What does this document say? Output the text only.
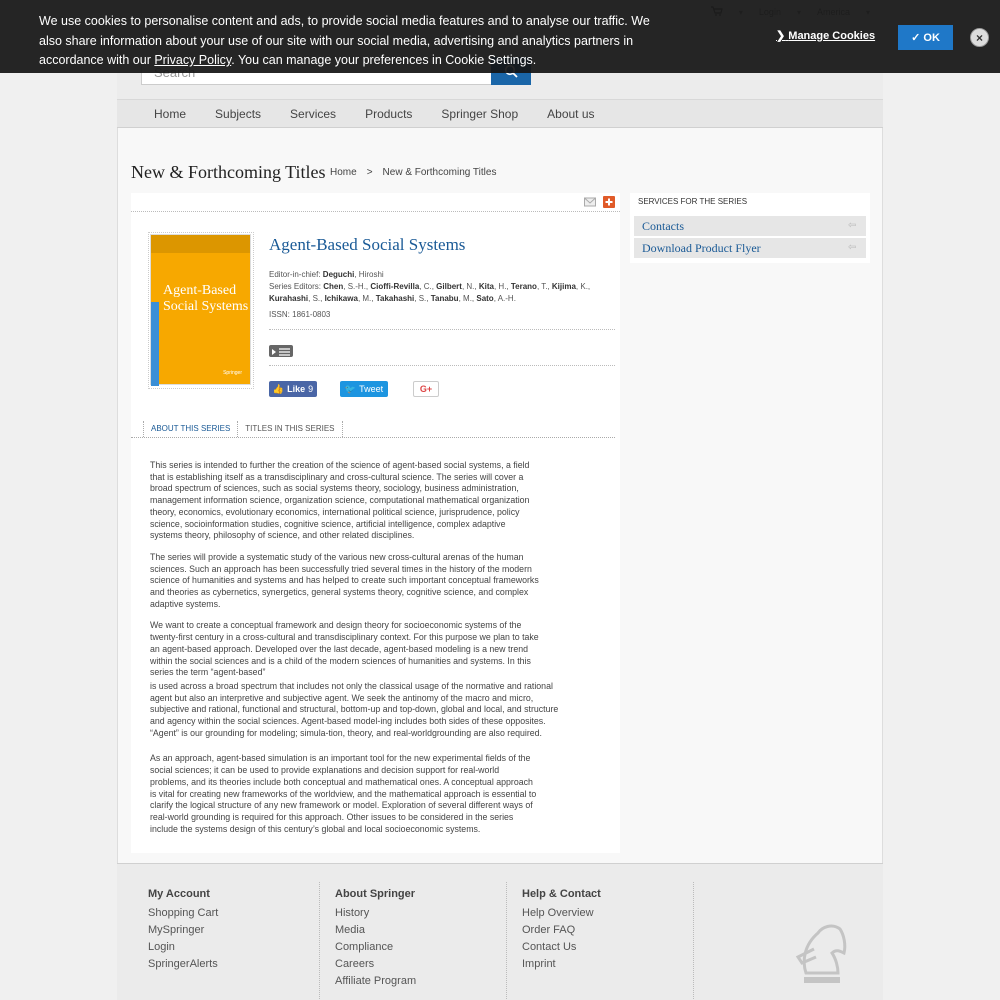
Home Subjects Services Products Springer Shop About us
We use cookies to personalise content and ads, to provide social media features and to analyse our traffic. We also share information about your use of our site with our social media, advertising and analytics partners in accordance with our Privacy Policy. You can manage your preferences in Cookie Settings.
❯ Manage Cookies	✓ OK	×
New & Forthcoming Titles Home > New & Forthcoming Titles
Agent-Based Social Systems
Springer
Agent-Based Social Systems
Editor-in-chief: Deguchi, Hiroshi
Series Editors: Chen, S.-H., Cioffi-Revilla, C., Gilbert, N., Kita, H., Terano, T., Kijima, K., Kurahashi, S., Ichikawa, M., Takahashi, S., Tanabu, M., Sato, A.-H.
ISSN: 1861-0803
👍 Like 9	🐦 Tweet	G+
ABOUT THIS SERIES	TITLES IN THIS SERIES

This series is intended to further the creation of the science of agent-based social systems, a field
that is establishing itself as a transdisciplinary and cross-cultural science. The series will cover a
broad spectrum of sciences, such as social systems theory, sociology, business administration,
management information science, organization science, computational mathematical organization
theory, economics, evolutionary economics, international political science, jurisprudence, policy
science, socioinformation studies, cognitive science, artificial intelligence, complex adaptive
systems theory, philosophy of science, and other related disciplines.

The series will provide a systematic study of the various new cross-cultural arenas of the human
sciences. Such an approach has been successfully tried several times in the history of the modern
science of humanities and systems and has helped to create such important conceptual frameworks
and theories as cybernetics, synergetics, general systems theory, cognitive science, and complex
adaptive systems.

We want to create a conceptual framework and design theory for socioeconomic systems of the
twenty-first century in a cross-cultural and transdisciplinary context. For this purpose we plan to take
an agent-based approach. Developed over the last decade, agent-based modeling is a new trend
within the social sciences and is a child of the modern sciences of humanities and systems. In this
series the term “agent-based”

is used across a broad spectrum that includes not only the classical usage of the normative and rational
agent but also an interpretive and subjective agent. We seek the antinomy of the macro and micro,
subjective and rational, functional and structural, bottom-up and top-down, global and local, and structure
and agency within the social sciences. Agent-based model-ing includes both sides of these opposites.
“Agent” is our grounding for modeling; simula-tion, theory, and real-worldgrounding are also required.

As an approach, agent-based simulation is an important tool for the new experimental fields of the
social sciences; it can be used to provide explanations and decision support for real-world
problems, and its theories include both conceptual and mathematical ones. A conceptual approach
is vital for creating new frameworks of the worldview, and the mathematical approach is essential to
clarify the logical structure of any new framework or model. Exploration of several different ways of
real-world grounding is required for this approach. Other issues to be considered in the series
include the systems design of this century’s global and local socioeconomic systems.

SERVICES FOR THE SERIES
Contacts	⇦
Download Product Flyer	⇦
My Account
Shopping Cart
MySpringer
Login
SpringerAlerts
About Springer
History
Media
Compliance
Careers
Affiliate Program
Help & Contact
Help Overview
Order FAQ
Contact Us
Imprint
